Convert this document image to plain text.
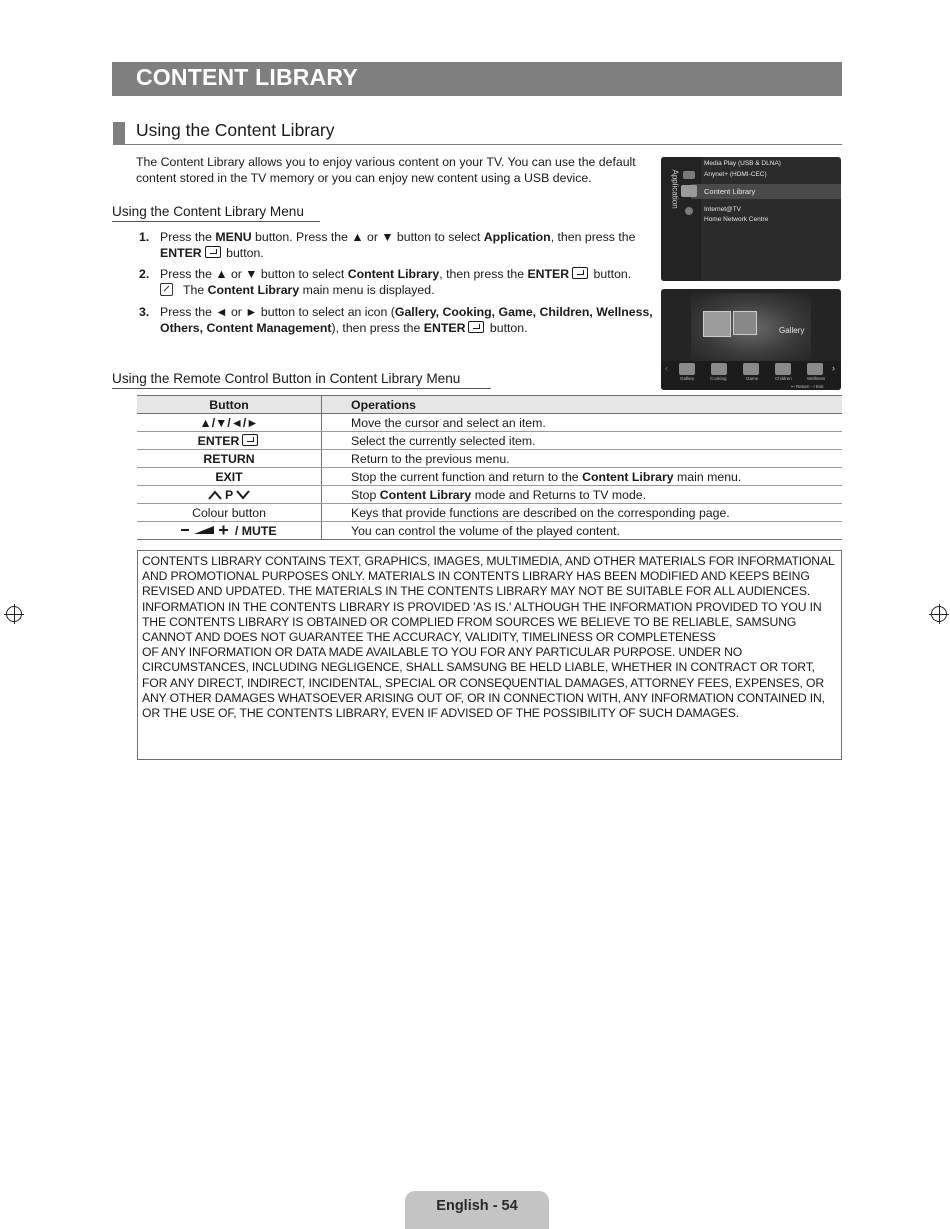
CONTENT LIBRARY
Using the Content Library
The Content Library allows you to enjoy various content on your TV. You can use the default content stored in the TV memory or you can enjoy new content using a USB device.
Using the Content Library Menu
1. Press the MENU button. Press the ▲ or ▼ button to select Application, then press the ENTER button.
2. Press the ▲ or ▼ button to select Content Library, then press the ENTER button.
The Content Library main menu is displayed.
3. Press the ◄ or ► button to select an icon (Gallery, Cooking, Game, Children, Wellness, Others, Content Management), then press the ENTER button.
Application
Media Play (USB & DLNA)
Anynet+ (HDMI-CEC)
Content Library
Internet@TV
Home Network Centre
Gallery
‹	›
Gallery	Cooking	Game	Children	Wellness
↩ Return ⊣ Exit
Using the Remote Control Button in Content Library Menu
Button	Operations
▲/▼/◄/►	Move the cursor and select an item.
ENTER	Select the currently selected item.
RETURN	Return to the previous menu.
EXIT	Stop the current function and return to the Content Library main menu.
P	Stop Content Library mode and Returns to TV mode.
Colour button	Keys that provide functions are described on the corresponding page.
/ MUTE	You can control the volume of the played content.
CONTENTS LIBRARY CONTAINS TEXT, GRAPHICS, IMAGES, MULTIMEDIA, AND OTHER MATERIALS FOR INFORMATIONAL AND PROMOTIONAL PURPOSES ONLY. MATERIALS IN CONTENTS LIBRARY HAS BEEN MODIFIED AND KEEPS BEING REVISED AND UPDATED. THE MATERIALS IN THE CONTENTS LIBRARY MAY NOT BE SUITABLE FOR ALL AUDIENCES.
INFORMATION IN THE CONTENTS LIBRARY IS PROVIDED 'AS IS.' ALTHOUGH THE INFORMATION PROVIDED TO YOU IN THE CONTENTS LIBRARY IS OBTAINED OR COMPLIED FROM SOURCES WE BELIEVE TO BE RELIABLE, SAMSUNG CANNOT AND DOES NOT GUARANTEE THE ACCURACY, VALIDITY, TIMELINESS OR COMPLETENESS
OF ANY INFORMATION OR DATA MADE AVAILABLE TO YOU FOR ANY PARTICULAR PURPOSE. UNDER NO CIRCUMSTANCES, INCLUDING NEGLIGENCE, SHALL SAMSUNG BE HELD LIABLE, WHETHER IN CONTRACT OR TORT, FOR ANY DIRECT, INDIRECT, INCIDENTAL, SPECIAL OR CONSEQUENTIAL DAMAGES, ATTORNEY FEES, EXPENSES, OR ANY OTHER DAMAGES WHATSOEVER ARISING OUT OF, OR IN CONNECTION WITH, ANY INFORMATION CONTAINED IN, OR THE USE OF, THE CONTENTS LIBRARY, EVEN IF ADVISED OF THE POSSIBILITY OF SUCH DAMAGES.
English - 54
